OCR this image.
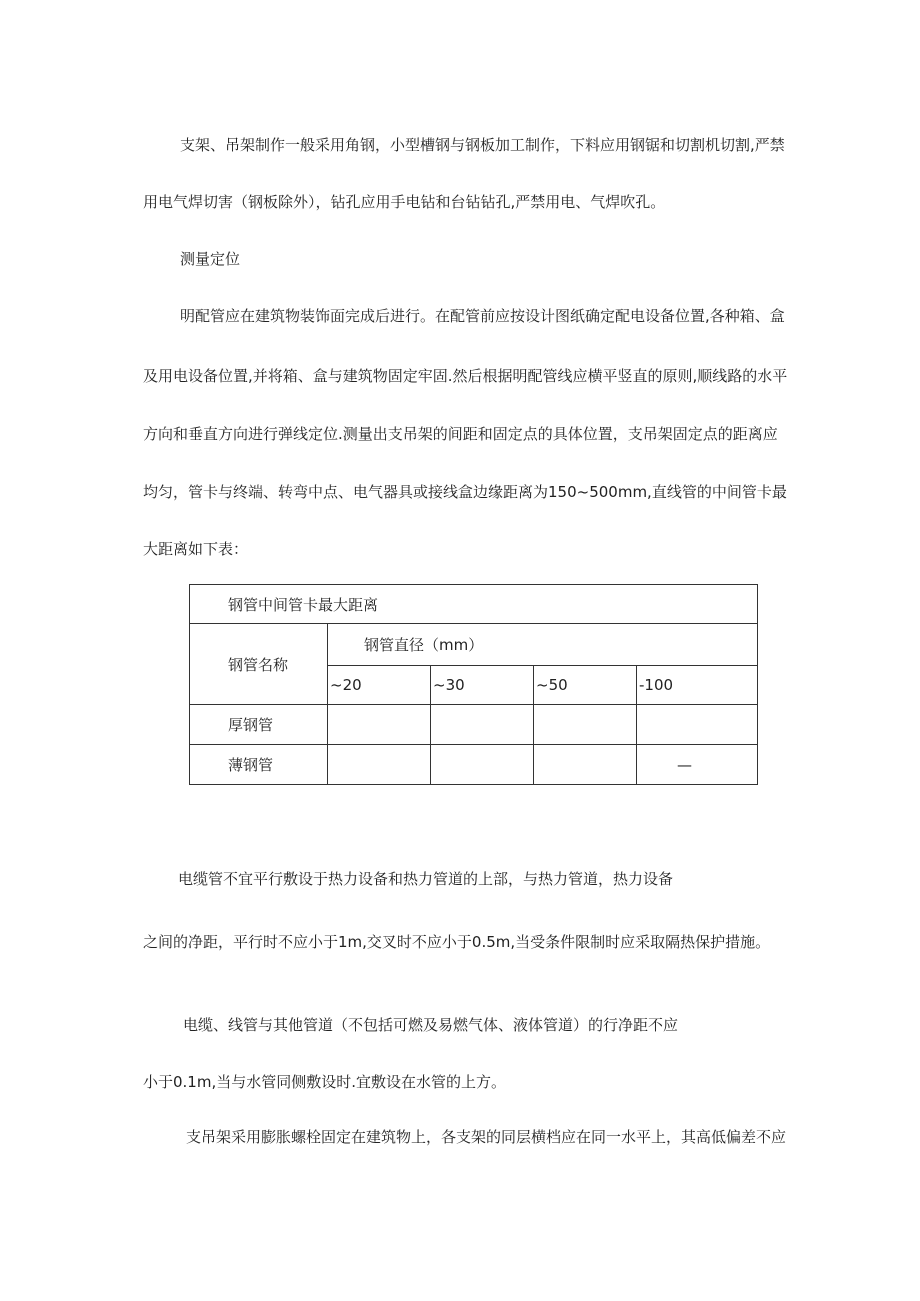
支架、吊架制作一般采用角钢，小型槽钢与钢板加工制作，下料应用钢锯和切割机切割,严禁
用电气焊切害（钢板除外），钻孔应用手电钻和台钻钻孔,严禁用电、气焊吹孔。
测量定位
明配管应在建筑物装饰面完成后进行。在配管前应按设计图纸确定配电设备位置,各种箱、盒
及用电设备位置,并将箱、盒与建筑物固定牢固.然后根据明配管线应横平竖直的原则,顺线路的水平
方向和垂直方向进行弹线定位.测量出支吊架的间距和固定点的具体位置，支吊架固定点的距离应
均匀，管卡与终端、转弯中点、电气器具或接线盒边缘距离为150~500mm,直线管的中间管卡最
大距离如下表：
钢管中间管卡最大距离				
钢管名称	钢管直径（mm）			
	~20	~30	~50	-100
厚钢管				
薄钢管				—
电缆管不宜平行敷设于热力设备和热力管道的上部，与热力管道，热力设备
之间的净距，平行时不应小于1m,交叉时不应小于0.5m,当受条件限制时应采取隔热保护措施。
电缆、线管与其他管道（不包括可燃及易燃气体、液体管道）的行净距不应
小于0.1m,当与水管同侧敷设时.宜敷设在水管的上方。
支吊架采用膨胀螺栓固定在建筑物上，各支架的同层横档应在同一水平上，其高低偏差不应
